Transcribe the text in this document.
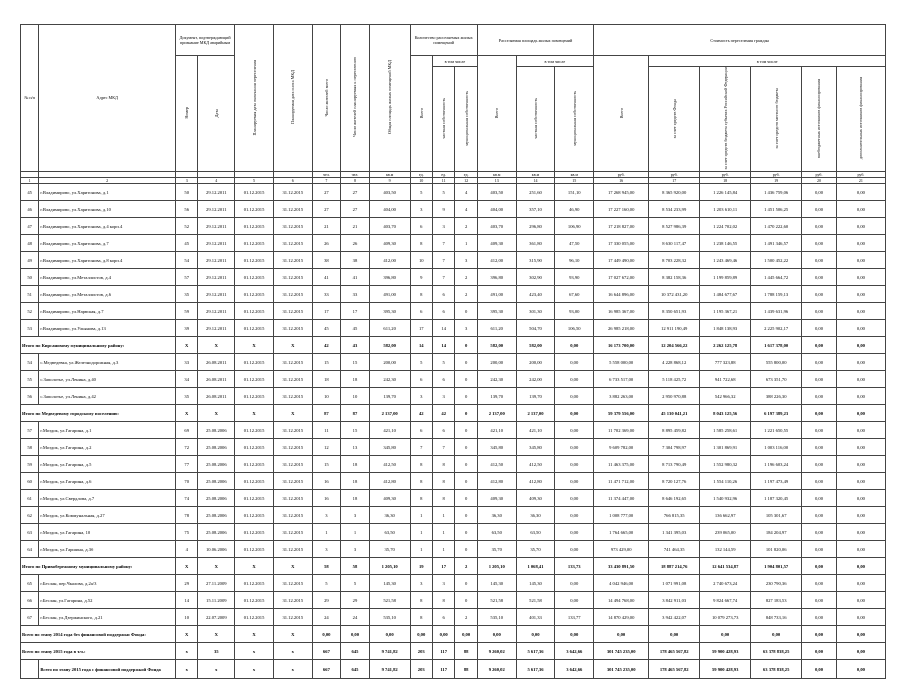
№ п/п	Адрес МКД	Документ, подтверждающий признание МКД аварийным		Планируемая дата окончания переселения	Планируемая дата сноса МКД	Число жителей всего	Число жителей планируемых к переселению	Общая площадь жилых помещений МКД	Количество расселяемых жилых помещений			Расселяемая площадь жилых помещений			Стоимость переселения граждан					
		Номер	Дата						Всего	в том числе		Всего	в том числе		Всего	в том числе				
										частная собственность	муниципальная собственность		частная собственность	муниципальная собственность		за счет средств Фонда	за счет средств бюджета субъекта Российской Федерации	за счет средств местного бюджета	внебюджетных источников финансирования	дополнительных источников финансирования
						чел.	чел.	кв.м	ед.	ед.	ед.	кв.м	кв.м	кв.м	руб.	руб.	руб.	руб.	руб.	руб.
1	2	3	4	5	6	7	8	9	10	11	12	13	14	15	16	17	18	19	20	21
45	г.Владимирово, ул.Харитонова, д.1	50	29.12.2011	01.12.2015	31.12.2015	27	27	403,50	5	5	4	403,50	251,60	151,10	17 268 945,00	8 365 920,00	1 226 145,84	1 436 759,06	0,00	0,00
46	г.Владимирово, ул.Харитонова, д.10	56	29.12.2011	01.12.2015	31.12.2015	27	27	404,00	3	9	4	404,00	357,10	46,90	17 227 160,00	8 534 233,99	1 203 610,11	1 451 506,25	0,00	0,00
47	г.Владимирово, ул.Харитонова, д.4 корп.4	52	29.12.2011	01.12.2015	31.12.2015	21	21	403,70	6	3	2	403,70	296,80	106,90	17 218 827,00	8 527 986,39	1 224 702,02	1 470 222,60	0,00	0,00
48	г.Владимирово, ул.Харитонова, д.7	45	29.12.2011	01.12.2015	31.12.2015	26	26	409,30	8	7	1	409,30	361,80	47,50	17 330 055,00	8 630 117,47	1 238 146,55	1 491 346,57	0,00	0,00
49	г.Владимирово, ул.Харитонова, д.8 корп.4	54	29.12.2011	01.12.2015	31.12.2015	38	38	412,00	10	7	3	412,00	315,90	96,10	17 449 490,00	8 703 228,32	1 243 469,46	1 500 452,22	0,00	0,00
50	г.Владимирово, ул.Металлистов, д.4	57	29.12.2011	01.12.2015	31.12.2015	41	41	396,80	9	7	2	396,80	302,90	93,90	17 027 672,00	8 382 158,36	1 199 859,89	1 445 664,72	0,00	0,00
51	г.Владимирово, ул.Металлистов, д.6	35	29.12.2011	01.12.2015	31.12.2015	33	33	491,00	8	6	2	491,00	423,40	67,60	16 644 896,00	10 372 431,20	1 484 677,67	1 788 159,13	0,00	0,00
52	г.Владимирово, ул.Нарвская, д.7	59	29.12.2011	01.12.2015	31.12.2015	17	17	395,30	6	6	0	395,30	301,30	93,00	16 985 367,00	8 350 651,93	1 195 367,21	1 439 631,96	0,00	0,00
53	г.Владимирово, ул.Ульянова, д.13	39	29.12.2011	01.12.2015	31.12.2015	45	45	611,20	17	14	3	611,20	504,70	106,50	26 985 218,00	12 911 190,49	1 848 138,93	2 225 902,17	0,00	0,00
Итого по Кирсановому муниципальному району:		X	X	X	X	42	43	582,00	14	14	0	582,00	582,00	0,00	16 173 700,00	12 204 566,22	2 262 125,78	1 617 378,00	0,00	0,00
54	с.Медведевка, ул.Железнодорожная, д.3	33	26.08.2011	01.12.2015	31.12.2015	15	15	200,00	5	5	0	200,00	200,00	0,00	5 558 000,00	4 228 868,12	777 323,88	555 800,00	0,00	0,00
55	с.Заполотье, ул.Ленина, д.40	34	26.08.2011	01.12.2015	31.12.2015	18	18	242,30	6	6	0	242,30	242,00	0,00	6 733 517,00	5 118 425,72	941 722,68	673 351,70	0,00	0,00
56	с.Заполотье, ул.Ленина, д.42	35	26.08.2011	01.12.2015	31.12.2015	10	10	139,70	3	3	0	139,70	139,70	0,00	3 882 263,00	2 950 970,88	542 966,32	388 226,30	0,00	0,00
Итого по Медведевому городскому поселению:		X	X	X	X	87	87	2 137,00	42	42	0	2 137,00	2 137,00	0,00	59 379 556,00	45 130 041,21	8 043 125,56	6 197 389,23	0,00	0,00
57	г.Моздок, ул.Гагарина, д.1	69	25.08.2006	01.12.2015	31.12.2015	11	15	421,10	6	6	0	421,10	421,10	0,00	11 702 369,00	8 895 459,82	1 585 258,61	1 221 650,55	0,00	0,00
58	г.Моздок, ул.Гагарина, д.2	72	25.08.2006	01.12.2015	31.12.2015	12	13	345,80	7	7	0	345,80	345,80	0,00	9 609 782,00	7 304 798,97	1 301 869,91	1 003 116,00	0,00	0,00
59	г.Моздок, ул.Гагарина, д.5	77	25.08.2006	01.12.2015	31.12.2015	15	18	412,50	8	8	0	412,50	412,50	0,00	11 463 375,00	8 713 790,49	1 552 980,32	1 196 603,24	0,00	0,00
60	г.Моздок, ул.Гагарина, д.6	70	25.08.2006	01.12.2015	31.12.2015	16	18	412,80	8	8	0	412,80	412,80	0,00	11 471 712,00	8 720 127,76	1 554 110,26	1 197 473,49	0,00	0,00
61	г.Моздок, ул.Свердлова, д.7	74	25.08.2006	01.12.2015	31.12.2015	16	18	409,30	8	8	0	409,30	409,30	0,00	11 374 447,00	8 646 192,65	1 540 932,96	1 187 320,45	0,00	0,00
62	г.Моздок, ул.Коммунальная, д.27	78	25.08.2006	01.12.2015	31.12.2015	3	3	36,30	1	1	0	36,30	36,30	0,00	1 008 777,00	766 815,35	136 662,97	105 301,67	0,00	0,00
63	г.Моздок, ул.Гагарина, 10	75	25.08.2006	01.12.2015	31.12.2015	1	1	63,50	1	1	0	63,50	63,50	0,00	1 764 665,00	1 341 395,03	239 065,00	184 204,97	0,00	0,00
64	г.Моздок, ул.Гаршина, д.3б	4	10.06.2006	01.12.2015	31.12.2015	3	3	35,70	1	1	0	35,70	35,70	0,00	973 429,00	741 464,35	132 144,59	101 820,06	0,00	0,00
Итого по Привобережному муниципальному району:		X	X	X	X	58	58	1 205,10	19	17	2	1 205,10	1 068,41	133,73	33 430 891,50	18 887 214,76	12 641 534,87	1 904 801,57	0,00	0,00
65	г.Беслан, пер.Чкалова, д.2а/3	29	27.11.2009	01.12.2015	31.12.2015	5	5	145,30	3	3	0	145,30	145,30	0,00	4 042 946,00	1 071 991,08	2 740 673,24	230 790,36	0,00	0,00
66	г.Беслан, ул.Гагарина, д.52	14	15.11.2009	01.12.2015	31.12.2015	29	29	521,58	8	8	0	521,58	521,58	0,00	14 494 768,00	3 842 911,03	9 824 667,74	827 183,53	0,00	0,00
67	г.Беслан, ул.Дзержинского, д.21	10	22.07.2009	01.12.2015	31.12.2015	24	24	535,10	8	6	2	535,10	401,33	133,77	14 870 429,00	3 942 422,07	10 079 273,73	848 733,16	0,00	0,00
Всего по этапу 2014 года без финансовой поддержки Фонда:		X	X	X	X	0,00	0,00	0,00	0,00	0,00	0,00	0,00	0,00	0,00	0,00	0,00	0,00	0,00	0,00	0,00
Всего по этапу 2015 года в т.ч.:		х	35	х	х	667	645	9 741,82	203	117	88	9 260,02	5 617,36	3 642,66	301 745 235,00	178 465 567,82	59 900 428,93	63 378 838,25	0,00	0,00
	Всего по этапу 2015 года с финансовой поддержкой Фонда	х	х	х	х	667	645	9 741,82	203	117	88	9 260,02	5 617,36	3 642,66	301 745 235,00	178 465 567,82	59 900 428,93	63 378 838,25	0,00	0,00
